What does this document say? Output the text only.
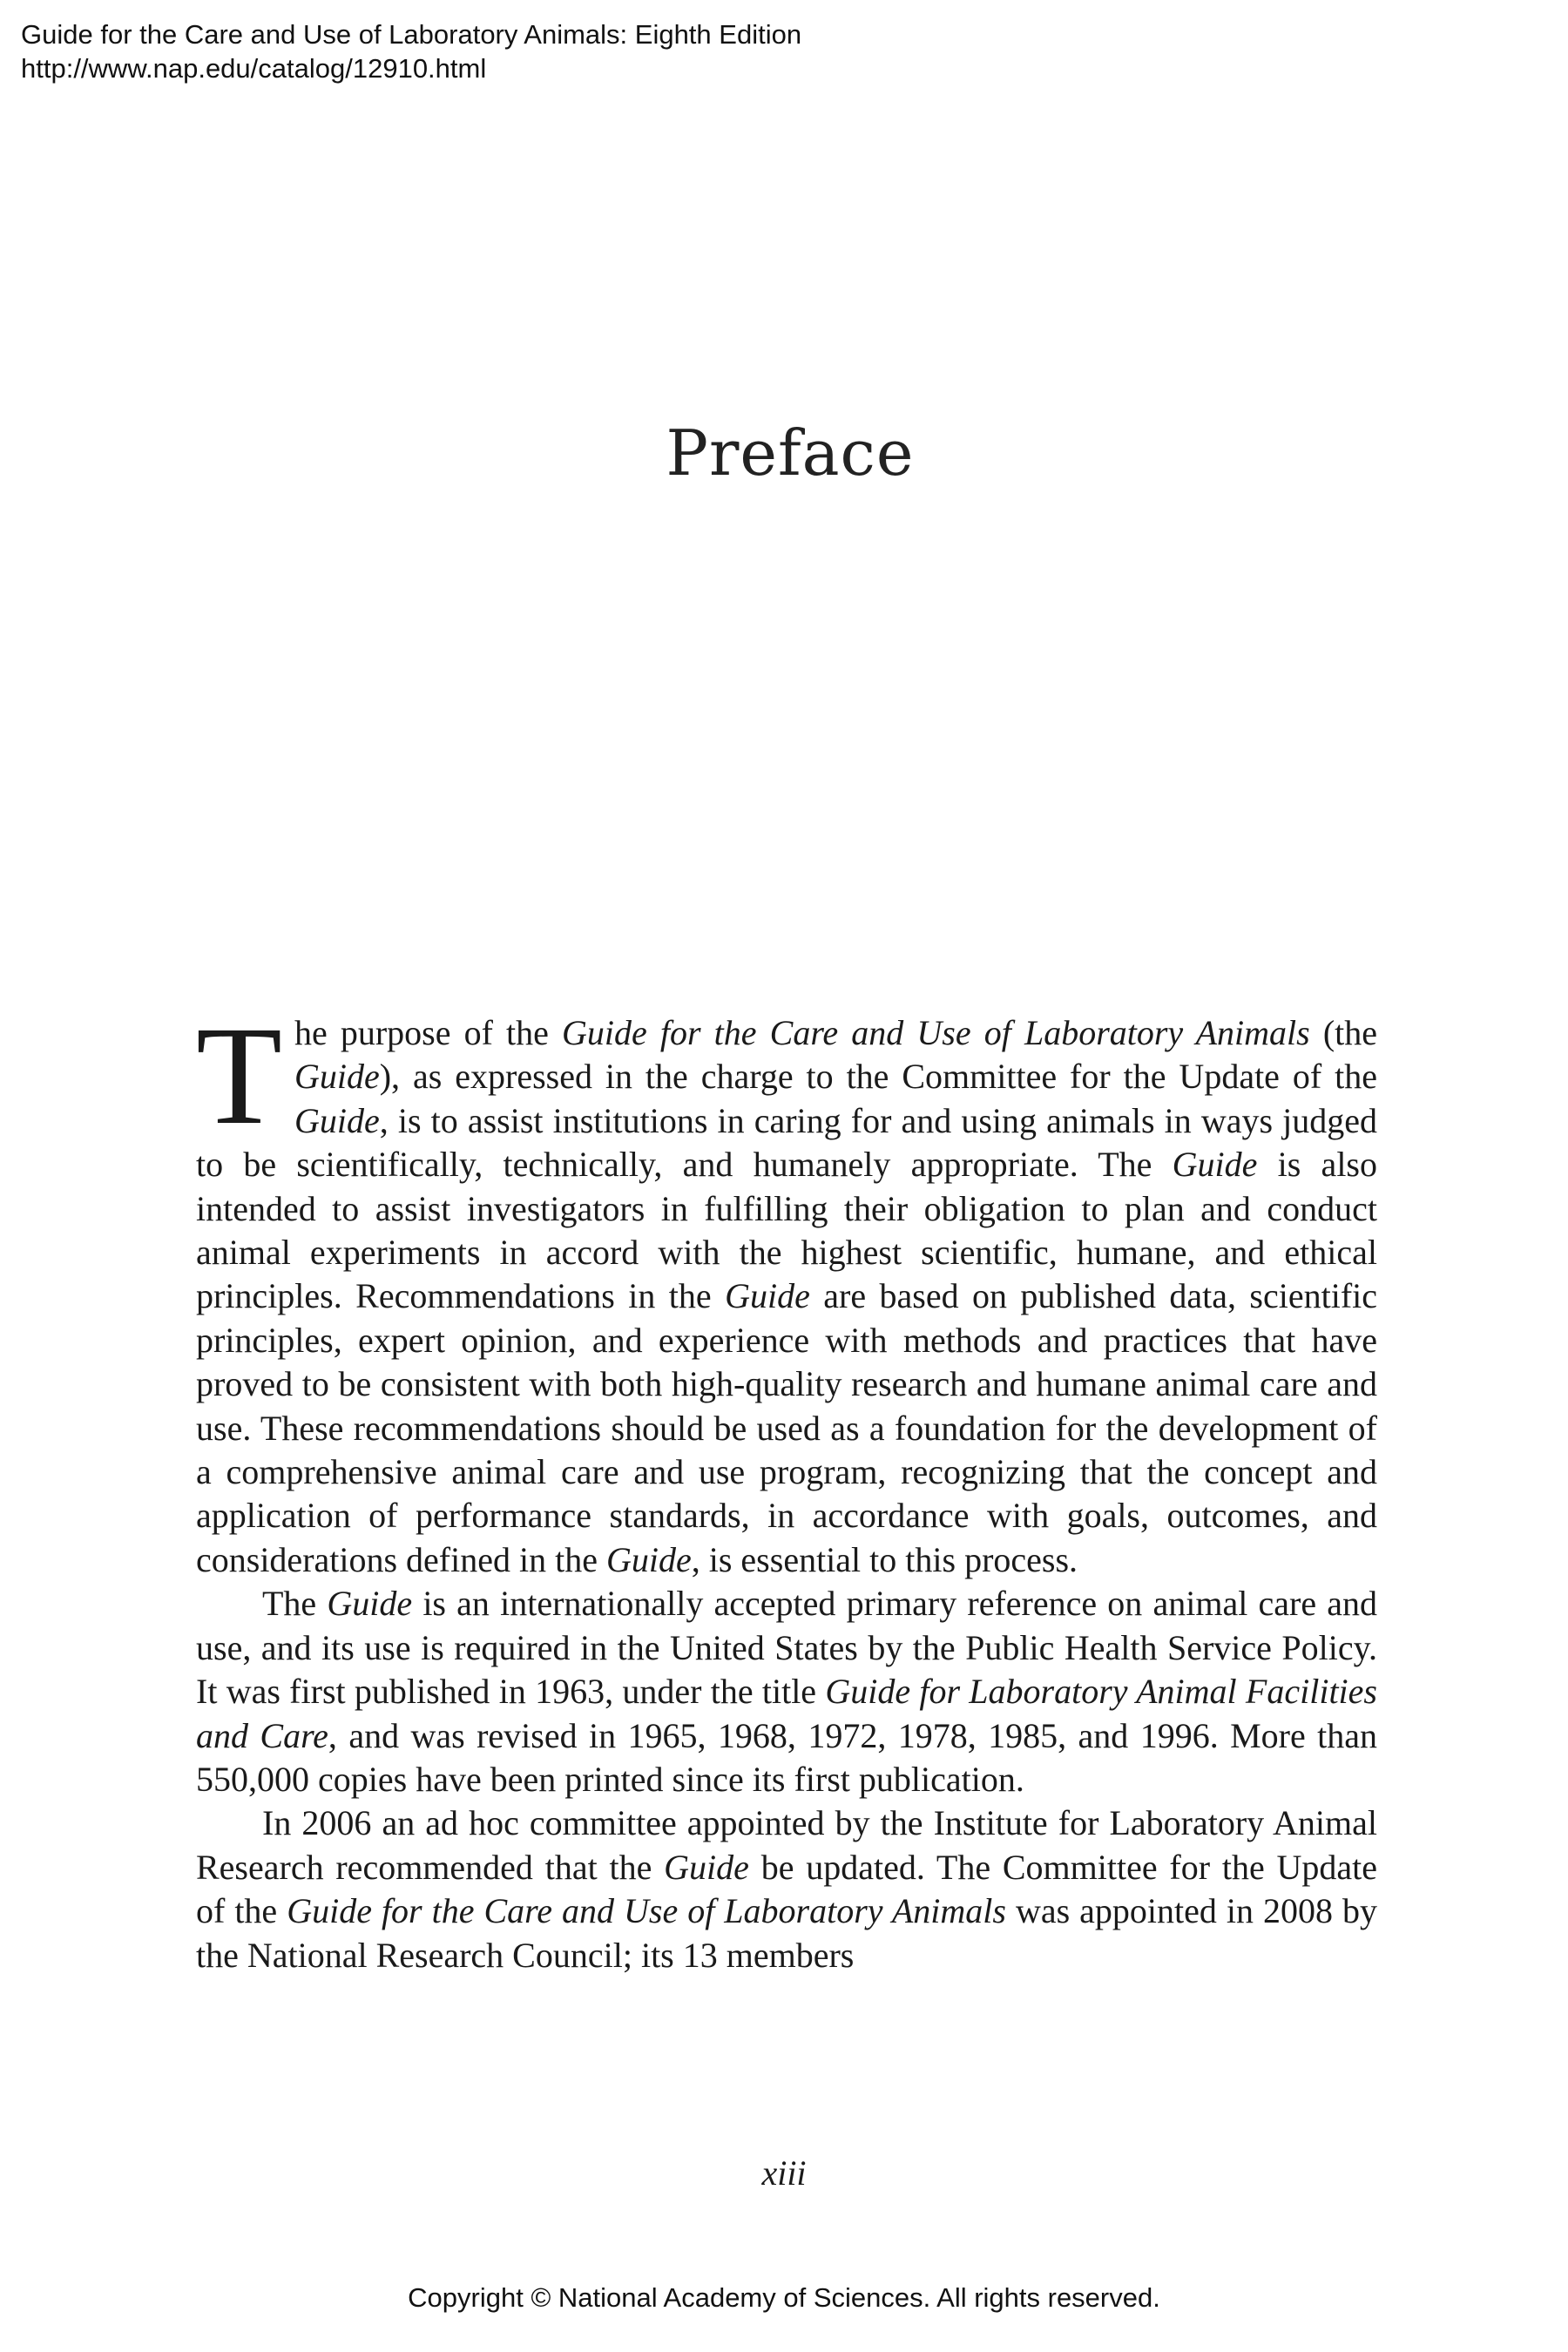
Guide for the Care and Use of Laboratory Animals: Eighth Edition
http://www.nap.edu/catalog/12910.html
Preface

The purpose of the Guide for the Care and Use of Laboratory Animals (the Guide), as expressed in the charge to the Committee for the Update of the Guide, is to assist institutions in caring for and using animals in ways judged to be scientifically, technically, and humanely appropriate. The Guide is also intended to assist investigators in fulfilling their obligation to plan and conduct animal experiments in accord with the highest scientific, humane, and ethical principles. Recommendations in the Guide are based on published data, scientific principles, expert opinion, and experience with methods and practices that have proved to be consistent with both high-quality research and humane animal care and use. These recommendations should be used as a foundation for the development of a comprehensive animal care and use program, recognizing that the concept and application of performance standards, in accordance with goals, outcomes, and considerations defined in the Guide, is essential to this process.

The Guide is an internationally accepted primary reference on animal care and use, and its use is required in the United States by the Public Health Service Policy. It was first published in 1963, under the title Guide for Laboratory Animal Facilities and Care, and was revised in 1965, 1968, 1972, 1978, 1985, and 1996. More than 550,000 copies have been printed since its first publication.

In 2006 an ad hoc committee appointed by the Institute for Laboratory Animal Research recommended that the Guide be updated. The Committee for the Update of the Guide for the Care and Use of Laboratory Animals was appointed in 2008 by the National Research Council; its 13 members

xiii
Copyright © National Academy of Sciences. All rights reserved.
